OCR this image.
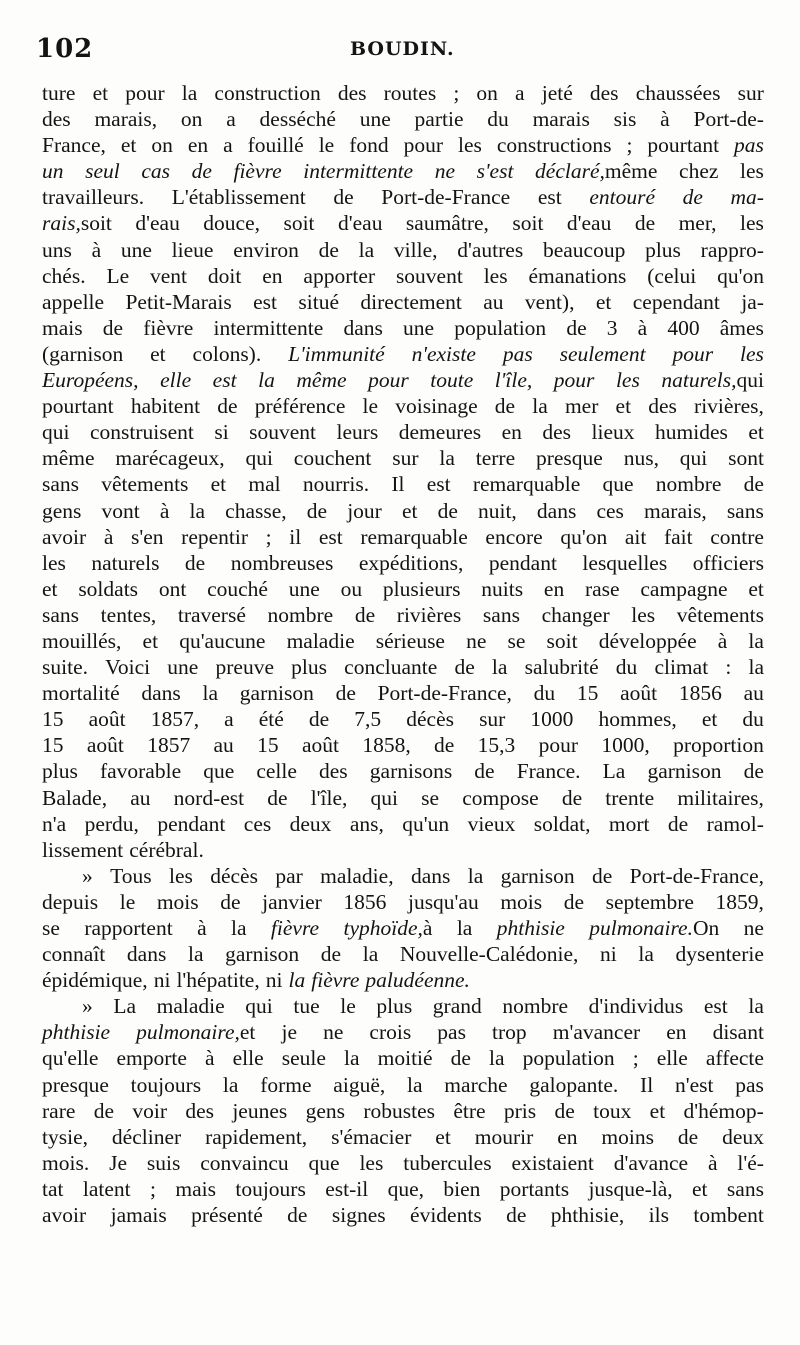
102	BOUDIN.
ture et pour la construction des routes ; on a jeté des chaussées sur
des marais, on a desséché une partie du marais sis à Port-de-
France, et on en a fouillé le fond pour les constructions ; pourtant pas
un seul cas de fièvre intermittente ne s'est déclaré,même chez les
travailleurs. L'établissement de Port-de-France est entouré de ma-
rais,soit d'eau douce, soit d'eau saumâtre, soit d'eau de mer, les
uns à une lieue environ de la ville, d'autres beaucoup plus rappro-
chés. Le vent doit en apporter souvent les émanations (celui qu'on
appelle Petit-Marais est situé directement au vent), et cependant ja-
mais de fièvre intermittente dans une population de 3 à 400 âmes
(garnison et colons). L'immunité n'existe pas seulement pour les
Européens, elle est la même pour toute l'île, pour les naturels,qui
pourtant habitent de préférence le voisinage de la mer et des rivières,
qui construisent si souvent leurs demeures en des lieux humides et
même marécageux, qui couchent sur la terre presque nus, qui sont
sans vêtements et mal nourris. Il est remarquable que nombre de
gens vont à la chasse, de jour et de nuit, dans ces marais, sans
avoir à s'en repentir ; il est remarquable encore qu'on ait fait contre
les naturels de nombreuses expéditions, pendant lesquelles officiers
et soldats ont couché une ou plusieurs nuits en rase campagne et
sans tentes, traversé nombre de rivières sans changer les vêtements
mouillés, et qu'aucune maladie sérieuse ne se soit développée à la
suite. Voici une preuve plus concluante de la salubrité du climat : la
mortalité dans la garnison de Port-de-France, du 15 août 1856 au
15 août 1857, a été de 7,5 décès sur 1000 hommes, et du
15 août 1857 au 15 août 1858, de 15,3 pour 1000, proportion
plus favorable que celle des garnisons de France. La garnison de
Balade, au nord-est de l'île, qui se compose de trente militaires,
n'a perdu, pendant ces deux ans, qu'un vieux soldat, mort de ramol-
lissement cérébral.
» Tous les décès par maladie, dans la garnison de Port-de-France,
depuis le mois de janvier 1856 jusqu'au mois de septembre 1859,
se rapportent à la fièvre typhoïde,à la phthisie pulmonaire.On ne
connaît dans la garnison de la Nouvelle-Calédonie, ni la dysenterie
épidémique, ni l'hépatite, ni la fièvre paludéenne.
» La maladie qui tue le plus grand nombre d'individus est la
phthisie pulmonaire,et je ne crois pas trop m'avancer en disant
qu'elle emporte à elle seule la moitié de la population ; elle affecte
presque toujours la forme aiguë, la marche galopante. Il n'est pas
rare de voir des jeunes gens robustes être pris de toux et d'hémop-
tysie, décliner rapidement, s'émacier et mourir en moins de deux
mois. Je suis convaincu que les tubercules existaient d'avance à l'é-
tat latent ; mais toujours est-il que, bien portants jusque-là, et sans
avoir jamais présenté de signes évidents de phthisie, ils tombent
